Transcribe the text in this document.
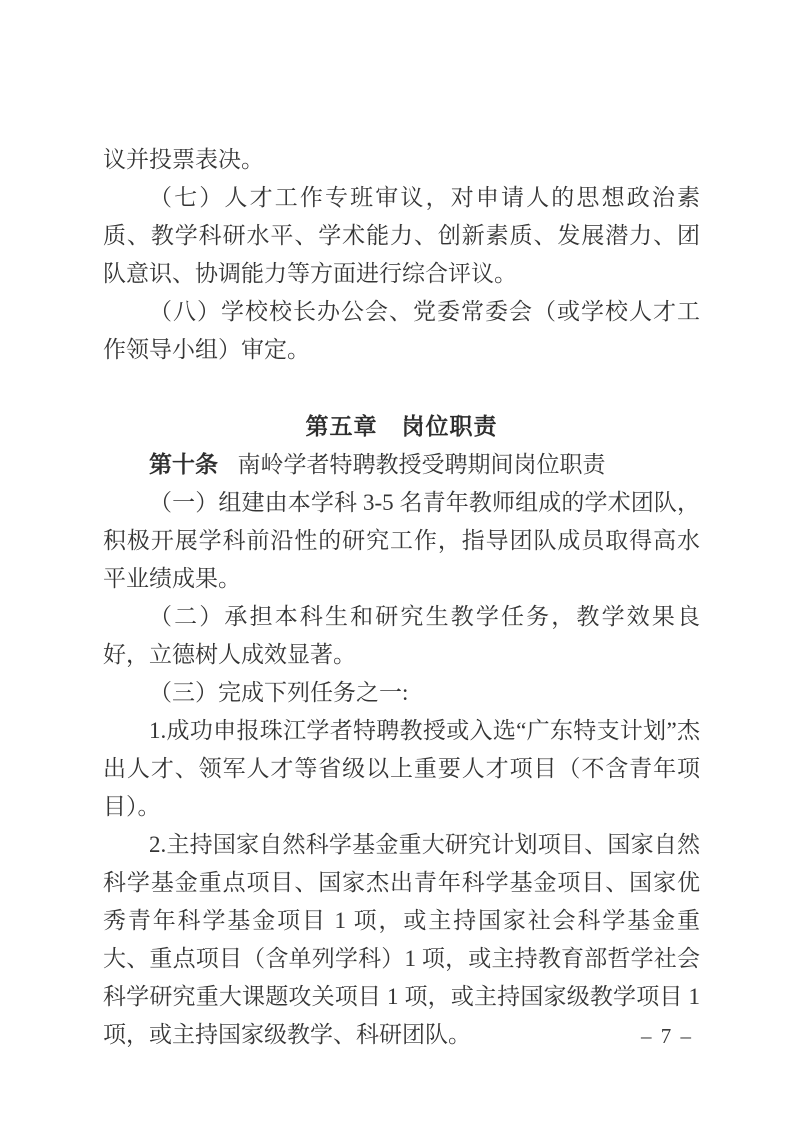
议并投票表决。

（七）人才工作专班审议，对申请人的思想政治素质、教学科研水平、学术能力、创新素质、发展潜力、团队意识、协调能力等方面进行综合评议。

（八）学校校长办公会、党委常委会（或学校人才工作领导小组）审定。

第五章　岗位职责

第十条 南岭学者特聘教授受聘期间岗位职责

（一）组建由本学科 3-5 名青年教师组成的学术团队，积极开展学科前沿性的研究工作，指导团队成员取得高水平业绩成果。

（二）承担本科生和研究生教学任务，教学效果良好，立德树人成效显著。

（三）完成下列任务之一:

1.成功申报珠江学者特聘教授或入选“广东特支计划”杰出人才、领军人才等省级以上重要人才项目（不含青年项目）。

2.主持国家自然科学基金重大研究计划项目、国家自然科学基金重点项目、国家杰出青年科学基金项目、国家优秀青年科学基金项目 1 项，或主持国家社会科学基金重大、重点项目（含单列学科）1 项，或主持教育部哲学社会科学研究重大课题攻关项目 1 项，或主持国家级教学项目 1 项，或主持国家级教学、科研团队。	– 7 –
